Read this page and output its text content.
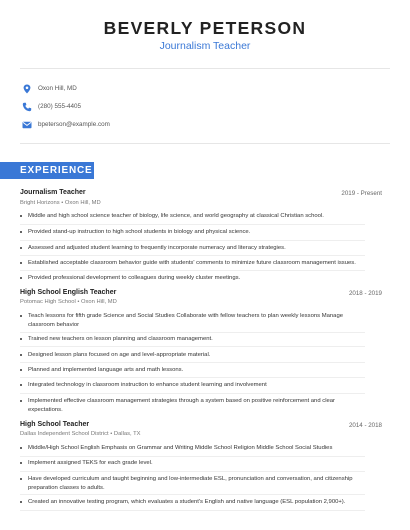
BEVERLY PETERSON
Journalism Teacher
Oxon Hill, MD
(280) 555-4405
bpeterson@example.com
EXPERIENCE
Journalism Teacher	2019 - Present
Bright Horizons • Oxon Hill, MD
Middle and high school science teacher of biology, life science, and world geography at classical Christian school.
Provided stand-up instruction to high school students in biology and physical science.
Assessed and adjusted student learning to frequently incorporate numeracy and literacy strategies.
Established acceptable classroom behavior guide with students' comments to minimize future classroom management issues.
Provided professional development to colleagues during weekly cluster meetings.
High School English Teacher	2018 - 2019
Potomac High School • Oxon Hill, MD
Teach lessons for fifth grade Science and Social Studies Collaborate with fellow teachers to plan weekly lessons Manage classroom behavior
Trained new teachers on lesson planning and classroom management.
Designed lesson plans focused on age and level-appropriate material.
Planned and implemented language arts and math lessons.
Integrated technology in classroom instruction to enhance student learning and involvement
Implemented effective classroom management strategies through a system based on positive reinforcement and clear expectations.
High School Teacher	2014 - 2018
Dallas Independent School District • Dallas, TX
Middle/High School English Emphasis on Grammar and Writing Middle School Religion Middle School Social Studies
Implement assigned TEKS for each grade level.
Have developed curriculum and taught beginning and low-intermediate ESL, pronunciation and conversation, and citizenship preparation classes to adults.
Created an innovative testing program, which evaluates a student's English and native language (ESL population 2,900+).
